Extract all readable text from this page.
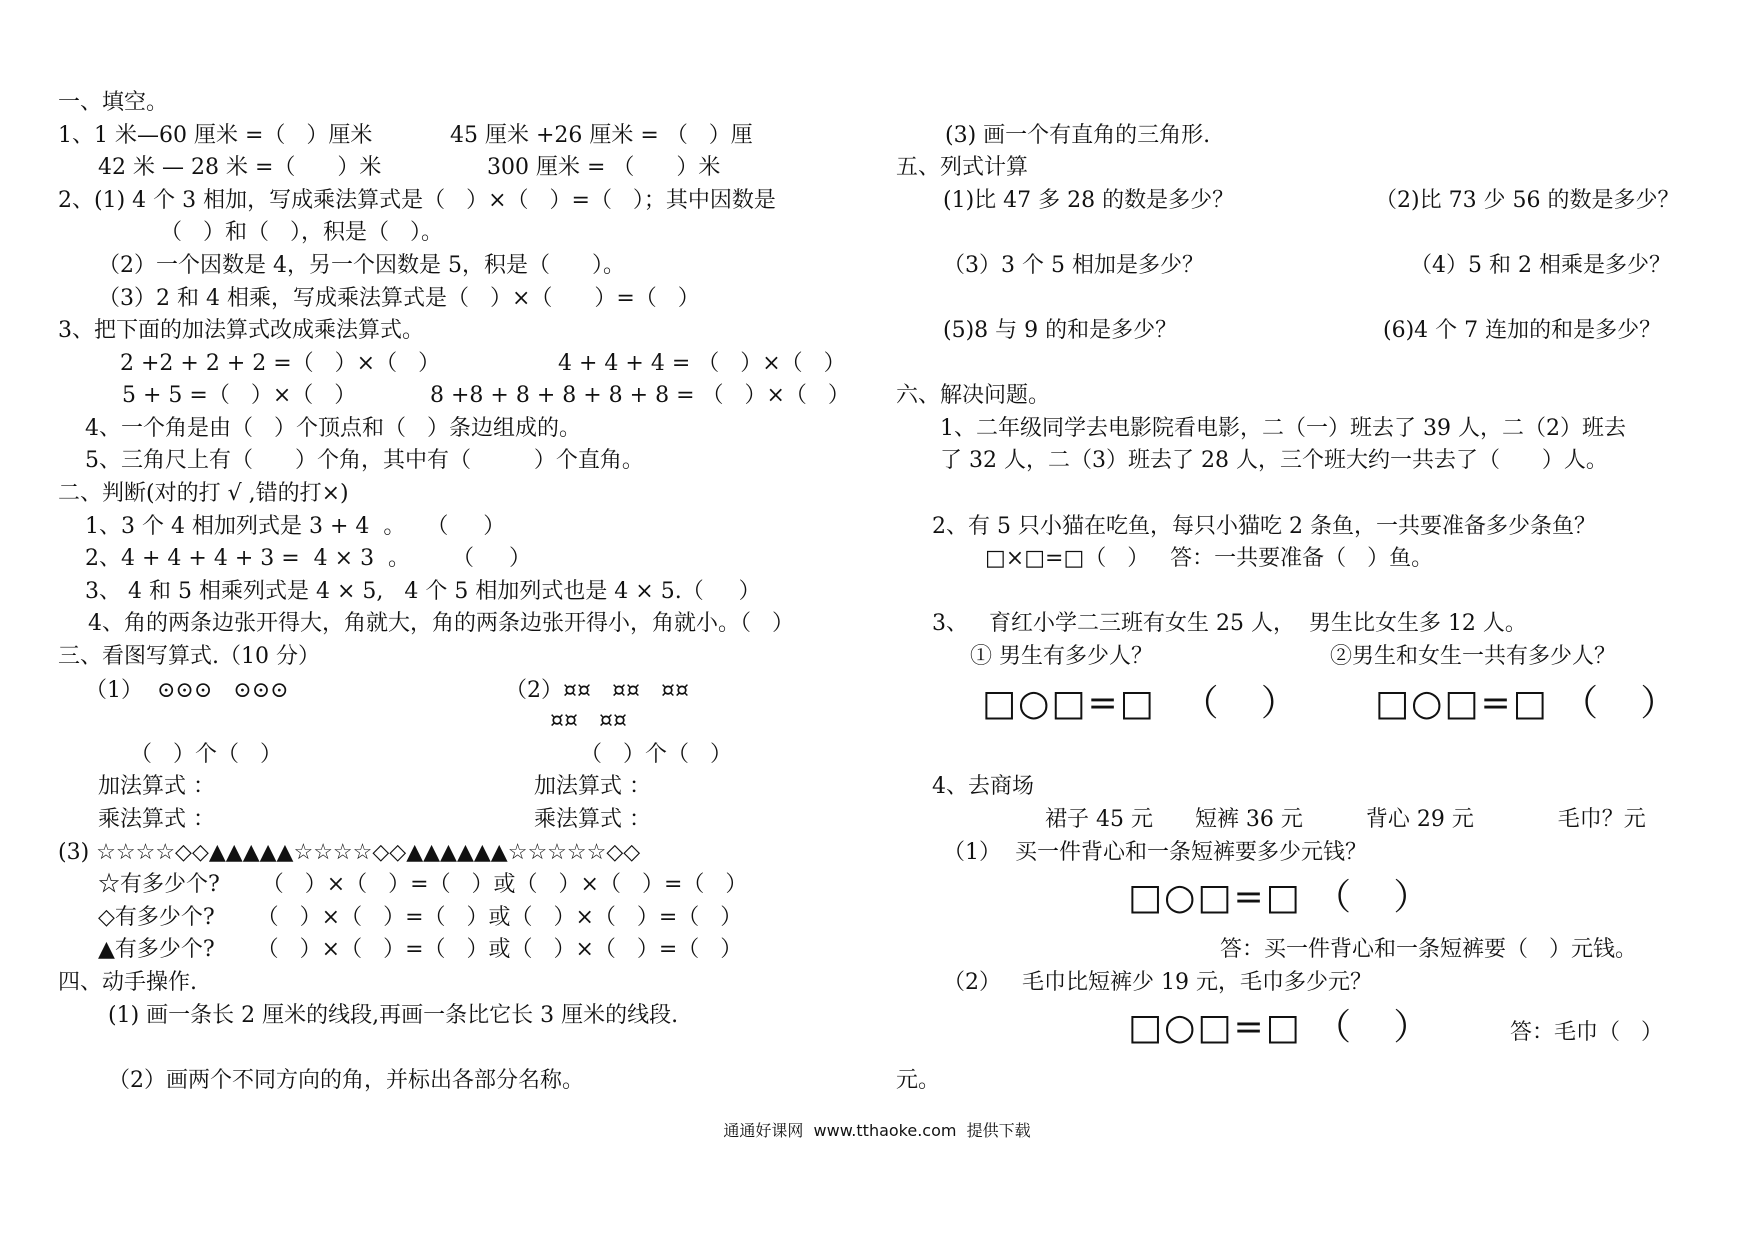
一、填空。
1、1 米—60 厘米 =（   ）厘米	45 厘米 +26 厘米 = （   ）厘
42 米 — 28 米 =（      ）米	300 厘米 = （      ）米
2、(1) 4 个 3 相加，写成乘法算式是（   ）×（   ）=（   ）；其中因数是
（   ）和（   ），积是（   ）。
（2）一个因数是 4，另一个因数是 5，积是（      ）。
（3）2 和 4 相乘，写成乘法算式是（   ）×（      ）=（   ）
3、把下面的加法算式改成乘法算式。
2 +2 + 2 + 2 =（   ）×（   ）	4 + 4 + 4 = （   ）×（   ）
5 + 5 =（   ）×（   ）	8 +8 + 8 + 8 + 8 + 8 = （   ）×（   ）
4、一个角是由（   ）个顶点和（   ）条边组成的。
5、三角尺上有（      ）个角，其中有（         ）个直角。
二、判断(对的打 √ ,错的打×)
1、3 个 4 相加列式是 3 + 4  。   （     ）
2、4 + 4 + 4 + 3 =  4 × 3  。      （     ）
3、 4 和 5 相乘列式是 4 × 5,   4 个 5 相加列式也是 4 × 5.（     ）
4、角的两条边张开得大，角就大，角的两条边张开得小，角就小。（   ）
三、看图写算式.（10 分）
（1）  ⊙⊙⊙   ⊙⊙⊙	（2）¤¤   ¤¤   ¤¤
¤¤   ¤¤
（   ）个（   ）	（   ）个（   ）
加法算式 ：
乘法算式 ：
加法算式 ：
乘法算式 ：
(3) ☆☆☆☆◇◇▲▲▲▲▲☆☆☆☆◇◇▲▲▲▲▲▲☆☆☆☆☆◇◇
☆有多少个?      （   ）×（   ）=（   ）或（   ）×（   ）=（   ）
◇有多少个?      （   ）×（   ）=（   ）或（   ）×（   ）=（   ）
▲有多少个?      （   ）×（   ）=（   ）或（   ）×（   ）=（   ）
四、动手操作.
(1) 画一条长 2 厘米的线段,再画一条比它长 3 厘米的线段.
（2）画两个不同方向的角，并标出各部分名称。
(3) 画一个有直角的三角形.
五、列式计算
(1)比 47 多 28 的数是多少？	（2)比 73 少 56 的数是多少？
（3）3 个 5 相加是多少？	（4）5 和 2 相乘是多少？
(5)8 与 9 的和是多少？	(6)4 个 7 连加的和是多少？
六、解决问题。
1、二年级同学去电影院看电影，二（一）班去了 39 人，二（2）班去
了 32 人，二（3）班去了 28 人，三个班大约一共去了（      ）人。
2、有 5 只小猫在吃鱼，每只小猫吃 2 条鱼，一共要准备多少条鱼？
□×□=□（   ）   答：一共要准备（   ）鱼。
3、   育红小学二三班有女生 25 人，  男生比女生多 12 人。
① 男生有多少人？	②男生和女生一共有多少人？
□○□=□  （   ） □○□=□ （   ）
4、去商场
裙子 45 元      短裤 36 元         背心 29 元            毛巾？元
（1）  买一件背心和一条短裤要多少元钱？
□○□=□ （   ）
答：买一件背心和一条短裤要（   ）元钱。
（2）   毛巾比短裤少 19 元，毛巾多少元？
□○□=□ （   ）	答：毛巾（   ）
元。
通通好课网  www.tthaoke.com  提供下载
